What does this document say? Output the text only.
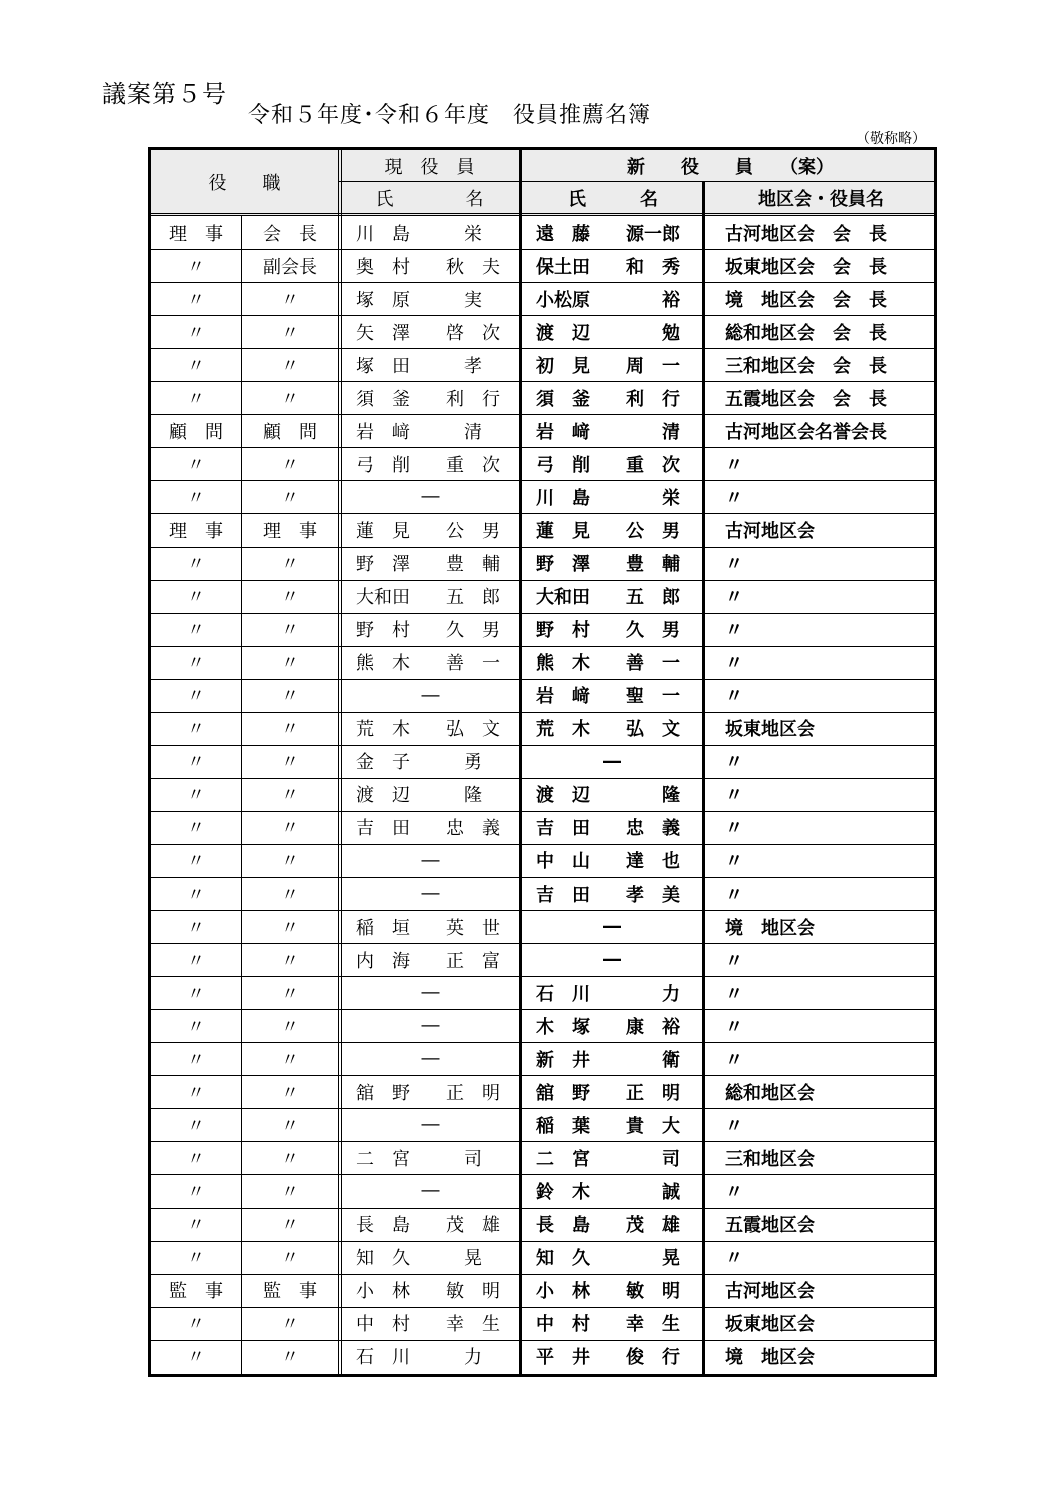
議案第５号
令和５年度･令和６年度　役員推薦名簿
（敬称略）
役　　職
現　役　員
氏　　　　名
新　　役　　員　　（案）
氏　　　名	地区会・役員名
理　事	会　長	川　島　　　栄	遠　藤　　源一郎	古河地区会　会　長
〃	副会長	奥　村　　秋　夫	保土田　　和　秀	坂東地区会　会　長
〃	〃	塚　原　　　実	小松原　　　　裕	境　地区会　会　長
〃	〃	矢　澤　　啓　次	渡　辺　　　　勉	総和地区会　会　長
〃	〃	塚　田　　　孝	初　見　　周　一	三和地区会　会　長
〃	〃	須　釜　　利　行	須　釜　　利　行	五霞地区会　会　長
顧　問	顧　問	岩　﨑　　　清	岩　﨑　　　　清	古河地区会名誉会長
〃	〃	弓　削　　重　次	弓　削　　重　次	〃
〃	〃	―	川　島　　　　栄	〃
理　事	理　事	蓮　見　　公　男	蓮　見　　公　男	古河地区会
〃	〃	野　澤　　豊　輔	野　澤　　豊　輔	〃
〃	〃	大和田　　五　郎	大和田　　五　郎	〃
〃	〃	野　村　　久　男	野　村　　久　男	〃
〃	〃	熊　木　　善　一	熊　木　　善　一	〃
〃	〃	―	岩　﨑　　聖　一	〃
〃	〃	荒　木　　弘　文	荒　木　　弘　文	坂東地区会
〃	〃	金　子　　　勇	―	〃
〃	〃	渡　辺　　　隆	渡　辺　　　　隆	〃
〃	〃	吉　田　　忠　義	吉　田　　忠　義	〃
〃	〃	―	中　山　　達　也	〃
〃	〃	―	吉　田　　孝　美	〃
〃	〃	稲　垣　　英　世	―	境　地区会
〃	〃	内　海　　正　富	―	〃
〃	〃	―	石　川　　　　力	〃
〃	〃	―	木　塚　　康　裕	〃
〃	〃	―	新　井　　　　衛	〃
〃	〃	舘　野　　正　明	舘　野　　正　明	総和地区会
〃	〃	―	稲　葉　　貴　大	〃
〃	〃	二　宮　　　司	二　宮　　　　司	三和地区会
〃	〃	―	鈴　木　　　　誠	〃
〃	〃	長　島　　茂　雄	長　島　　茂　雄	五霞地区会
〃	〃	知　久　　　晃	知　久　　　　晃	〃
監　事	監　事	小　林　　敏　明	小　林　　敏　明	古河地区会
〃	〃	中　村　　幸　生	中　村　　幸　生	坂東地区会
〃	〃	石　川　　　力	平　井　　俊　行	境　地区会
